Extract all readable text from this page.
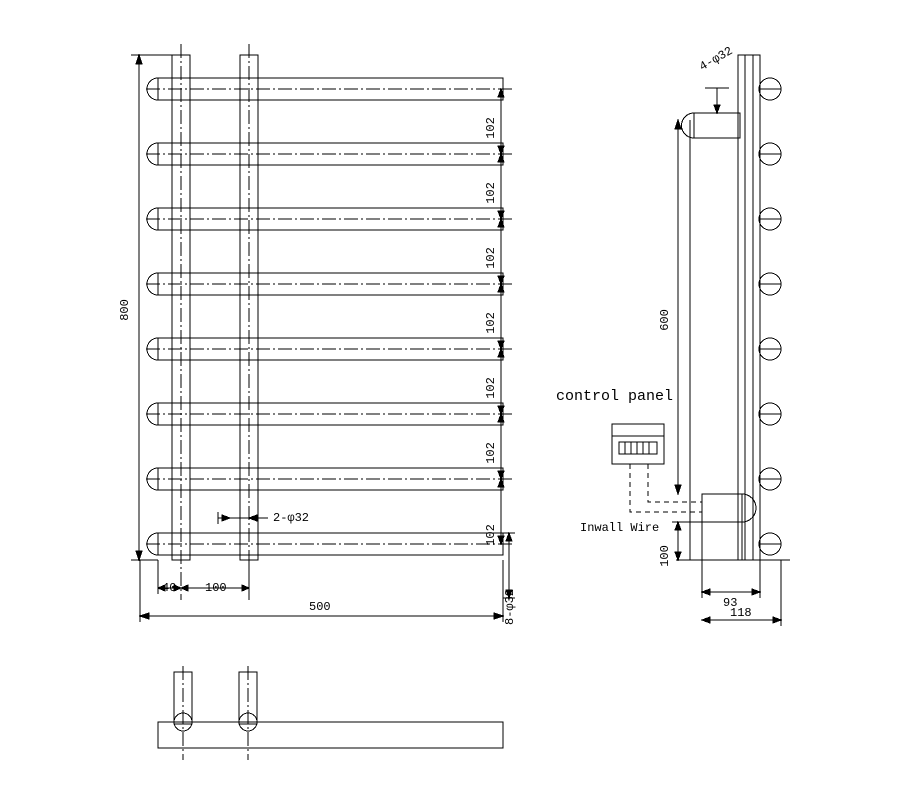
800
102
102
102
102
102
102
102
500
40 100
2-φ32
8-φ32
600
100
93
118
4-φ32
control panel
Inwall Wire
